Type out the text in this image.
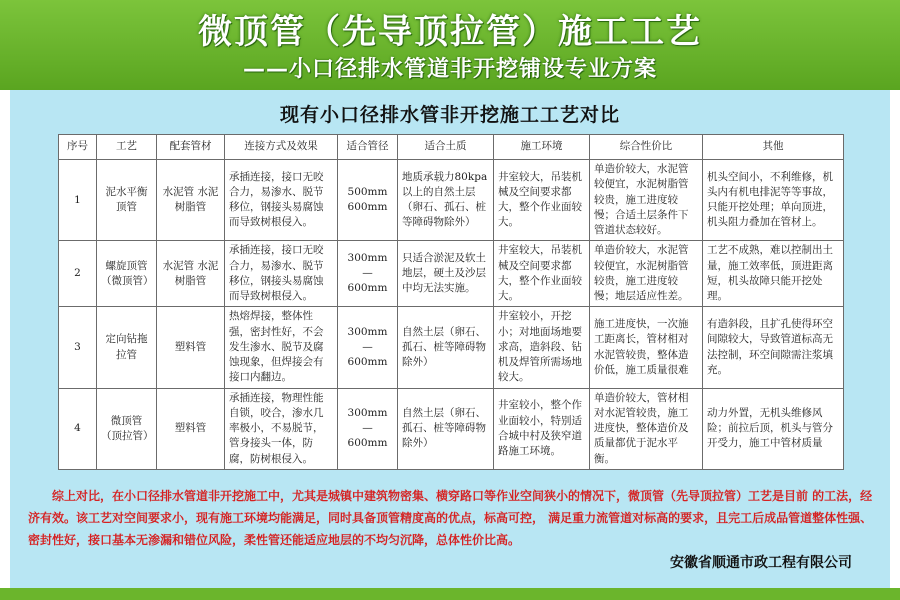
微顶管（先导顶拉管）施工工艺
——小口径排水管道非开挖铺设专业方案
现有小口径排水管非开挖施工工艺对比
序号	工艺	配套管材	连接方式及效果	适合管径	适合土质	施工环境	综合性价比	其他
1	泥水平衡顶管	水泥管 水泥树脂管	承插连接，接口无咬合力，易渗水、脱节移位，钢接头易腐蚀而导致树根侵入。	500mm 600mm	地质承载力80kpa以上的自然土层（卵石、孤石、桩等障碍物除外）	井室较大，吊装机械及空间要求都大，整个作业面较大。	单造价较大，水泥管较便宜，水泥树脂管较贵，施工进度较慢；合适土层条件下管道状态较好。	机头空间小，不利维修，机头内有机电排泥等等事故，只能开挖处理；单向顶进，机头阻力叠加在管材上。
2	螺旋顶管（微顶管）	水泥管 水泥树脂管	承插连接，接口无咬合力，易渗水、脱节移位，钢接头易腐蚀而导致树根侵入。	300mm — 600mm	只适合淤泥及软土地层，硬土及沙层中均无法实施。	井室较大，吊装机械及空间要求都大，整个作业面较大。	单造价较大，水泥管较便宜，水泥树脂管较贵，施工进度较慢；地层适应性差。	工艺不成熟，难以控制出土量，施工效率低，顶进距离短，机头故障只能开挖处理。
3	定向钻拖拉管	塑料管	热熔焊接，整体性强，密封性好，不会发生渗水、脱节及腐蚀现象，但焊接会有接口内翻边。	300mm — 600mm	自然土层（卵石、孤石、桩等障碍物除外）	井室较小，开挖小；对地面场地要求高，造斜段、钻机及焊管所需场地较大。	施工进度快，一次施工距离长，管材相对水泥管较贵，整体造价低，施工质量很难	有造斜段，且扩孔使得环空间隙较大，导致管道标高无法控制，环空间隙需注浆填充。
4	微顶管（顶拉管）	塑料管	承插连接，物理性能自锁，咬合，渗水几率极小，不易脱节，管身接头一体，防腐，防树根侵入。	300mm — 600mm	自然土层（卵石、孤石、桩等障碍物除外）	井室较小，整个作业面较小，特别适合城中村及狭窄道路施工环境。	单造价较大，管材相对水泥管较贵，施工进度快，整体造价及质量都优于泥水平衡。	动力外置，无机头维修风险；前拉后顶，机头与管分开受力，施工中管材质量
综上对比，在小口径排水管道非开挖施工中，尤其是城镇中建筑物密集、横穿路口等作业空间狭小的情况下，微顶管（先导顶拉管）工艺是目前 的工法，经济有效。该工艺对空间要求小，现有施工环境均能满足，同时具备顶管精度高的优点，标高可控， 满足重力流管道对标高的要求，且完工后成品管道整体性强、密封性好，接口基本无渗漏和错位风险，柔性管还能适应地层的不均匀沉降，总体性价比高。
安徽省顺通市政工程有限公司
